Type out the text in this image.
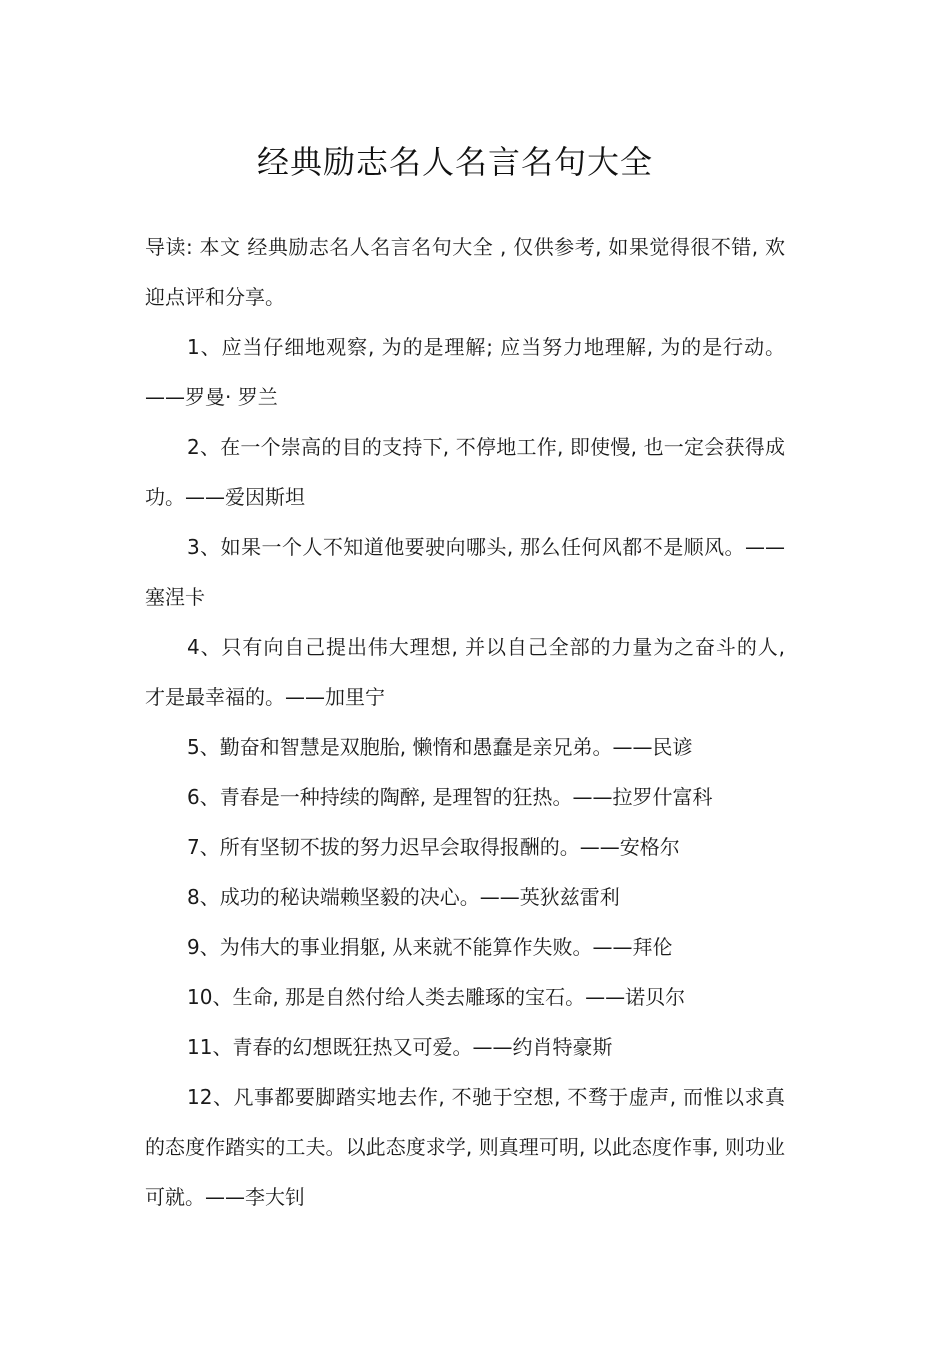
经典励志名人名言名句大全

导读: 本文 经典励志名人名言名句大全 , 仅供参考, 如果觉得很不错, 欢迎点评和分享。

1、应当仔细地观察, 为的是理解; 应当努力地理解, 为的是行动。——罗曼· 罗兰

2、在一个崇高的目的支持下, 不停地工作, 即使慢, 也一定会获得成功。——爱因斯坦

3、如果一个人不知道他要驶向哪头, 那么任何风都不是顺风。——塞涅卡

4、只有向自己提出伟大理想, 并以自己全部的力量为之奋斗的人, 才是最幸福的。——加里宁

5、勤奋和智慧是双胞胎, 懒惰和愚蠢是亲兄弟。——民谚

6、青春是一种持续的陶醉, 是理智的狂热。——拉罗什富科

7、所有坚韧不拔的努力迟早会取得报酬的。——安格尔

8、成功的秘诀端赖坚毅的决心。——英狄兹雷利

9、为伟大的事业捐躯, 从来就不能算作失败。——拜伦

10、生命, 那是自然付给人类去雕琢的宝石。——诺贝尔

11、青春的幻想既狂热又可爱。——约肖特豪斯

12、凡事都要脚踏实地去作, 不驰于空想, 不骛于虚声, 而惟以求真的态度作踏实的工夫。以此态度求学, 则真理可明, 以此态度作事, 则功业可就。——李大钊
